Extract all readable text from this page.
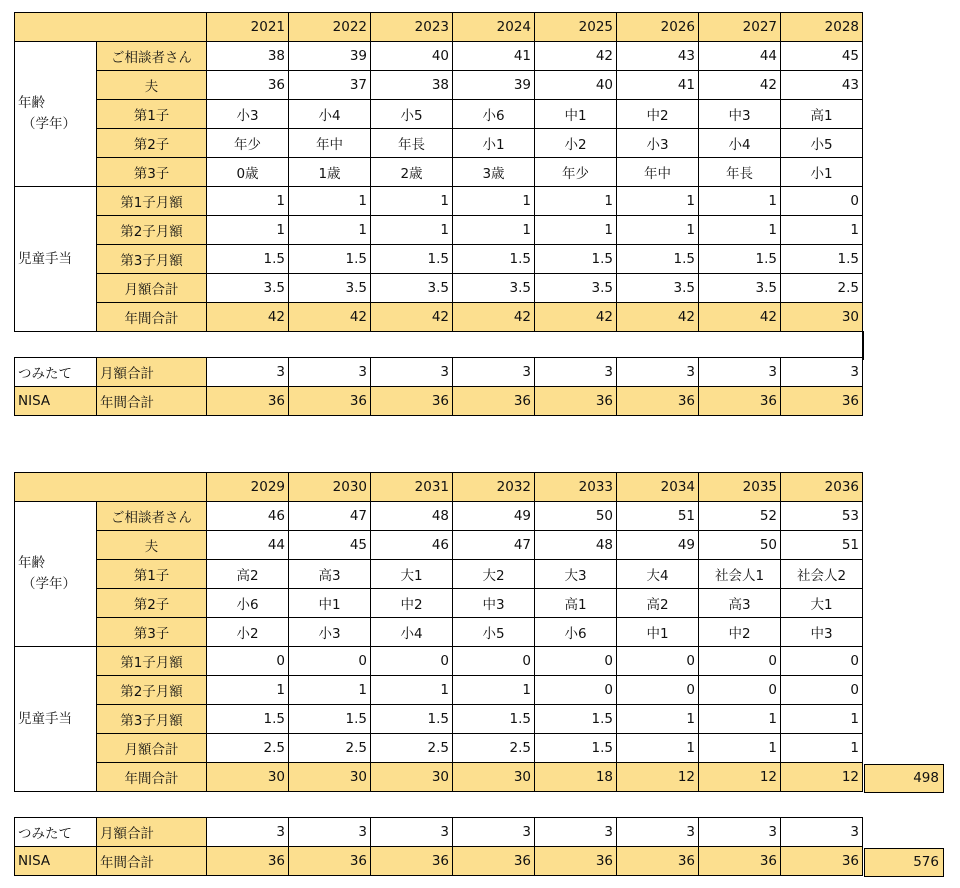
2021	2022	2023	2024	2025	2026	2027	2028
年齢
（学年）
ご相談者さん	38	39	40	41	42	43	44	45
夫	36	37	38	39	40	41	42	43
第1子	小3	小4	小5	小6	中1	中2	中3	高1
第2子	年少	年中	年長	小1	小2	小3	小4	小5
第3子	0歳	1歳	2歳	3歳	年少	年中	年長	小1
児童手当
第1子月額	1	1	1	1	1	1	1	0
第2子月額	1	1	1	1	1	1	1	1
第3子月額	1.5	1.5	1.5	1.5	1.5	1.5	1.5	1.5
月額合計	3.5	3.5	3.5	3.5	3.5	3.5	3.5	2.5
年間合計	42	42	42	42	42	42	42	30
つみたて	月額合計	3	3	3	3	3	3	3	3
NISA	年間合計	36	36	36	36	36	36	36	36
2029	2030	2031	2032	2033	2034	2035	2036
年齢
（学年）
ご相談者さん	46	47	48	49	50	51	52	53
夫	44	45	46	47	48	49	50	51
第1子	高2	高3	大1	大2	大3	大4	社会人1	社会人2
第2子	小6	中1	中2	中3	高1	高2	高3	大1
第3子	小2	小3	小4	小5	小6	中1	中2	中3
児童手当
第1子月額	0	0	0	0	0	0	0	0
第2子月額	1	1	1	1	0	0	0	0
第3子月額	1.5	1.5	1.5	1.5	1.5	1	1	1
月額合計	2.5	2.5	2.5	2.5	1.5	1	1	1
年間合計	30	30	30	30	18	12	12	12	498
つみたて	月額合計	3	3	3	3	3	3	3	3
NISA	年間合計	36	36	36	36	36	36	36	36	576
